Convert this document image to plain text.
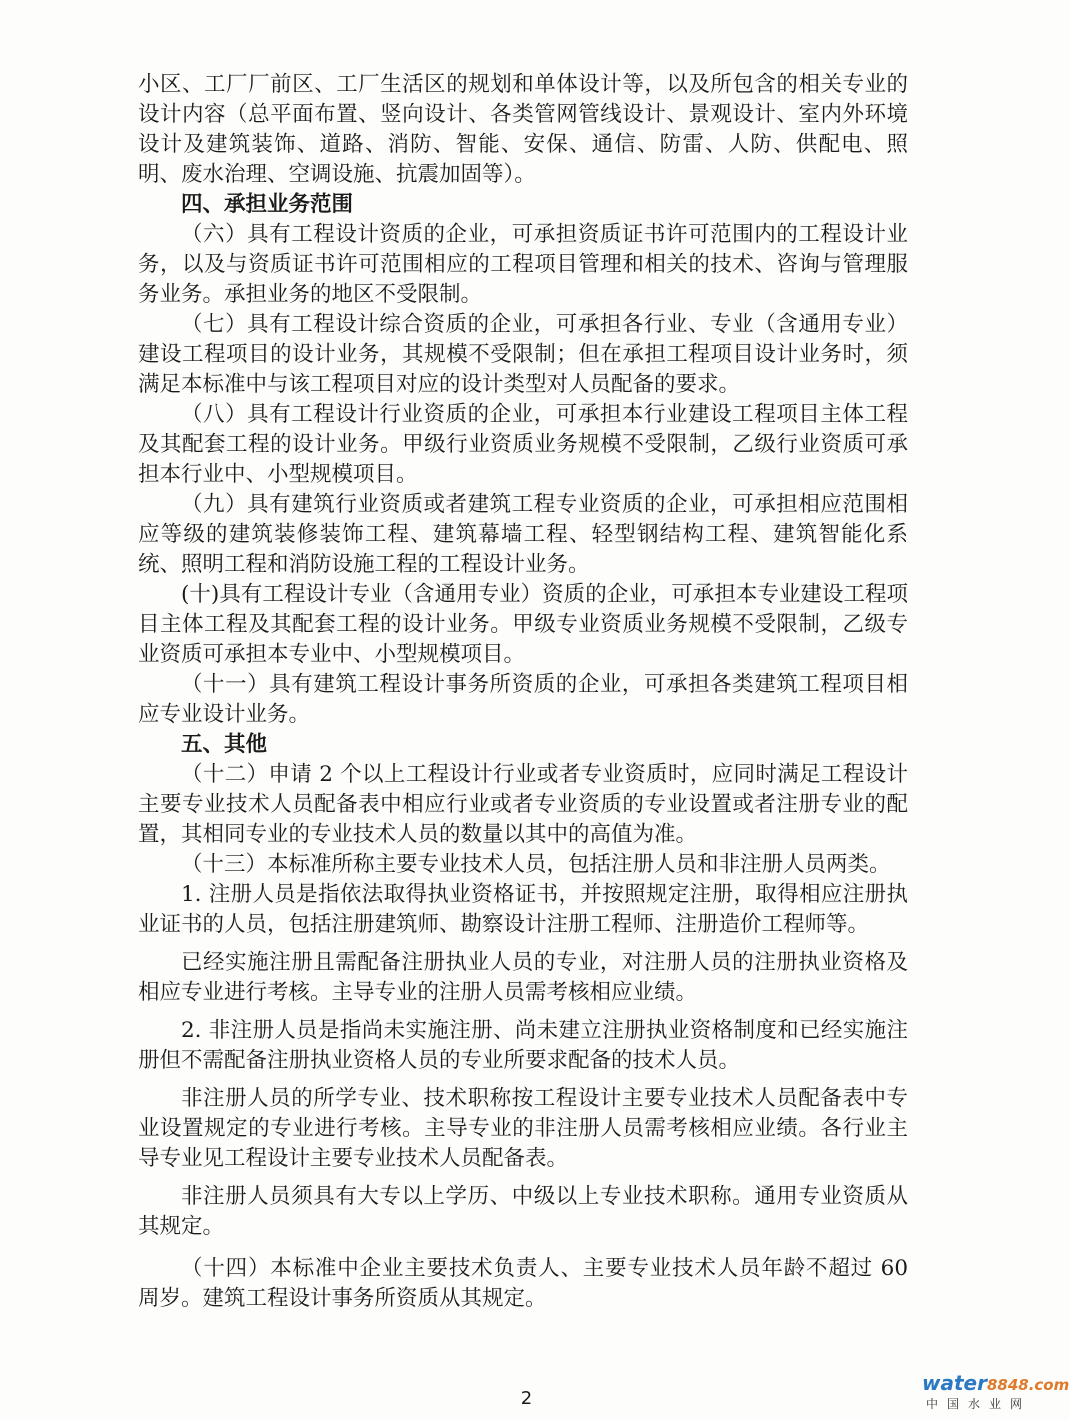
小区、工厂厂前区、工厂生活区的规划和单体设计等，以及所包含的相关专业的设计内容（总平面布置、竖向设计、各类管网管线设计、景观设计、室内外环境设计及建筑装饰、道路、消防、智能、安保、通信、防雷、人防、供配电、照明、废水治理、空调设施、抗震加固等）。

四、承担业务范围

（六）具有工程设计资质的企业，可承担资质证书许可范围内的工程设计业务，以及与资质证书许可范围相应的工程项目管理和相关的技术、咨询与管理服务业务。承担业务的地区不受限制。

（七）具有工程设计综合资质的企业，可承担各行业、专业（含通用专业）建设工程项目的设计业务，其规模不受限制；但在承担工程项目设计业务时，须满足本标准中与该工程项目对应的设计类型对人员配备的要求。

（八）具有工程设计行业资质的企业，可承担本行业建设工程项目主体工程及其配套工程的设计业务。甲级行业资质业务规模不受限制，乙级行业资质可承担本行业中、小型规模项目。

（九）具有建筑行业资质或者建筑工程专业资质的企业，可承担相应范围相应等级的建筑装修装饰工程、建筑幕墙工程、轻型钢结构工程、建筑智能化系统、照明工程和消防设施工程的工程设计业务。

(十)具有工程设计专业（含通用专业）资质的企业，可承担本专业建设工程项目主体工程及其配套工程的设计业务。甲级专业资质业务规模不受限制，乙级专业资质可承担本专业中、小型规模项目。

（十一）具有建筑工程设计事务所资质的企业，可承担各类建筑工程项目相应专业设计业务。

五、其他

（十二）申请 2 个以上工程设计行业或者专业资质时，应同时满足工程设计主要专业技术人员配备表中相应行业或者专业资质的专业设置或者注册专业的配置，其相同专业的专业技术人员的数量以其中的高值为准。

（十三）本标准所称主要专业技术人员，包括注册人员和非注册人员两类。

1. 注册人员是指依法取得执业资格证书，并按照规定注册，取得相应注册执业证书的人员，包括注册建筑师、勘察设计注册工程师、注册造价工程师等。

已经实施注册且需配备注册执业人员的专业，对注册人员的注册执业资格及相应专业进行考核。主导专业的注册人员需考核相应业绩。

2. 非注册人员是指尚未实施注册、尚未建立注册执业资格制度和已经实施注册但不需配备注册执业资格人员的专业所要求配备的技术人员。

非注册人员的所学专业、技术职称按工程设计主要专业技术人员配备表中专业设置规定的专业进行考核。主导专业的非注册人员需考核相应业绩。各行业主导专业见工程设计主要专业技术人员配备表。

非注册人员须具有大专以上学历、中级以上专业技术职称。通用专业资质从其规定。

（十四）本标准中企业主要技术负责人、主要专业技术人员年龄不超过 60 周岁。建筑工程设计事务所资质从其规定。

2
water8848.com
中国水业网
